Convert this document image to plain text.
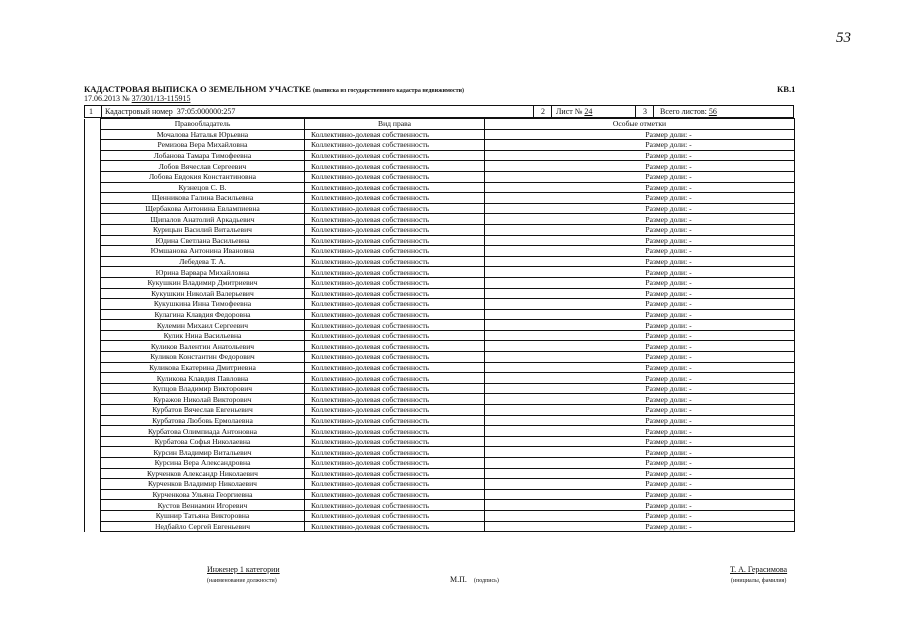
53
КАДАСТРОВАЯ ВЫПИСКА О ЗЕМЕЛЬНОМ УЧАСТКЕ (выписка из государственного кадастра недвижимости)	КВ.1
17.06.2013 № 37/301/13-115915
1	Кадастровый номер 37:05:000000:257	2	Лист № 24	3	Всего листов: 56
	Правообладатель	Вид права	Особые отметки
	Мочалова Наталья Юрьевна	Коллективно-долевая собственность	Размер доли: -
	Ремизова Вера Михайловна	Коллективно-долевая собственность	Размер доли: -
	Лобанова Тамара Тимофеевна	Коллективно-долевая собственность	Размер доли: -
	Лобов Вячеслав Сергеевич	Коллективно-долевая собственность	Размер доли: -
	Лобова Евдокия Константиновна	Коллективно-долевая собственность	Размер доли: -
	Кузнецов С. В.	Коллективно-долевая собственность	Размер доли: -
	Щенникова Галина Васильевна	Коллективно-долевая собственность	Размер доли: -
	Щербакова Антонина Евлампиевна	Коллективно-долевая собственность	Размер доли: -
	Щипалов Анатолий Аркадьевич	Коллективно-долевая собственность	Размер доли: -
	Курицын Василий Витальевич	Коллективно-долевая собственность	Размер доли: -
	Юдина Светлана Васильевна	Коллективно-долевая собственность	Размер доли: -
	Юмшанова Антонина Ивановна	Коллективно-долевая собственность	Размер доли: -
	Лебедева Т. А.	Коллективно-долевая собственность	Размер доли: -
	Юрина Варвара Михайловна	Коллективно-долевая собственность	Размер доли: -
	Кукушкин Владимир Дмитриевич	Коллективно-долевая собственность	Размер доли: -
	Кукушкин Николай Валерьевич	Коллективно-долевая собственность	Размер доли: -
	Кукушкина Инна Тимофеевна	Коллективно-долевая собственность	Размер доли: -
	Кулагина Клавдия Федоровна	Коллективно-долевая собственность	Размер доли: -
	Кулемин Михаил Сергеевич	Коллективно-долевая собственность	Размер доли: -
	Кулик Нина Васильевна	Коллективно-долевая собственность	Размер доли: -
	Куликов Валентин Анатольевич	Коллективно-долевая собственность	Размер доли: -
	Куликов Константин Федорович	Коллективно-долевая собственность	Размер доли: -
	Куликова Екатерина Дмитриевна	Коллективно-долевая собственность	Размер доли: -
	Куликова Клавдия Павловна	Коллективно-долевая собственность	Размер доли: -
	Купцов Владимир Викторович	Коллективно-долевая собственность	Размер доли: -
	Куражов Николай Викторович	Коллективно-долевая собственность	Размер доли: -
	Курбатов Вячеслав Евгеньевич	Коллективно-долевая собственность	Размер доли: -
	Курбатова Любовь Ермолаевна	Коллективно-долевая собственность	Размер доли: -
	Курбатова Олимпиада Антоновна	Коллективно-долевая собственность	Размер доли: -
	Курбатова Софья Николаевна	Коллективно-долевая собственность	Размер доли: -
	Курсин Владимир Витальевич	Коллективно-долевая собственность	Размер доли: -
	Курсина Вера Александровна	Коллективно-долевая собственность	Размер доли: -
	Курченков Александр Николаевич	Коллективно-долевая собственность	Размер доли: -
	Курченков Владимир Николаевич	Коллективно-долевая собственность	Размер доли: -
	Курченкова Ульяна Георгиевна	Коллективно-долевая собственность	Размер доли: -
	Кустов Вениамин Игоревич	Коллективно-долевая собственность	Размер доли: -
	Кушнир Татьяна Викторовна	Коллективно-долевая собственность	Размер доли: -
	Недбайло Сергей Евгеньевич	Коллективно-долевая собственность	Размер доли: -
Инженер 1 категории
(наименование должности)	М.П. (подпись)
Т. А. Герасимова
(инициалы, фамилия)
